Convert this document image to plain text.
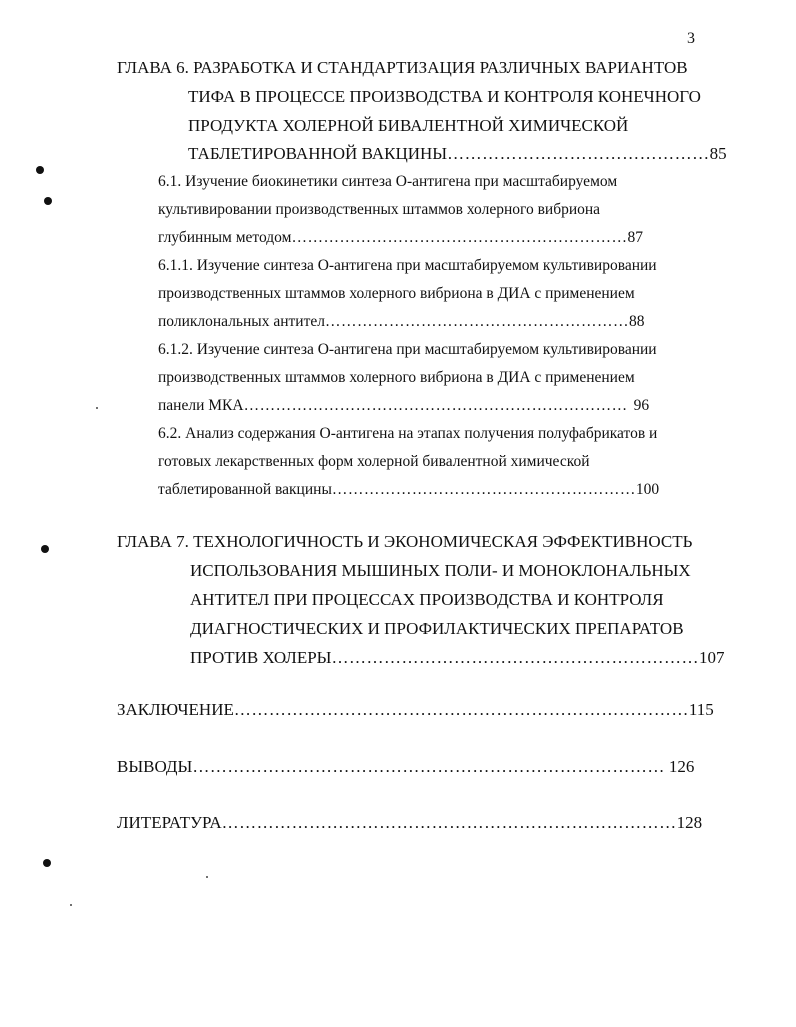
3
ГЛАВА 6. РАЗРАБОТКА И СТАНДАРТИЗАЦИЯ РАЗЛИЧНЫХ ВАРИАНТОВ
ТИФА В ПРОЦЕССЕ ПРОИЗВОДСТВА И КОНТРОЛЯ КОНЕЧНОГО
ПРОДУКТА ХОЛЕРНОЙ БИВАЛЕНТНОЙ ХИМИЧЕСКОЙ
ТАБЛЕТИРОВАННОЙ ВАКЦИНЫ………………………………………85
6.1. Изучение биокинетики синтеза О-антигена при масштабируемом
культивировании производственных штаммов холерного вибриона
глубинным методом………………………………………………………87
6.1.1. Изучение синтеза О-антигена при масштабируемом культивировании
производственных штаммов холерного вибриона в ДИА с применением
поликлональных антител…………………………………………………88
6.1.2. Изучение синтеза О-антигена при масштабируемом культивировании
производственных штаммов холерного вибриона в ДИА с применением
панели МКА……………………………………………………………… 96
6.2. Анализ содержания О-антигена на этапах получения полуфабрикатов и
готовых лекарственных форм холерной бивалентной химической
таблетированной вакцины…………………………………………………100
ГЛАВА 7. ТЕХНОЛОГИЧНОСТЬ И ЭКОНОМИЧЕСКАЯ ЭФФЕКТИВНОСТЬ
ИСПОЛЬЗОВАНИЯ МЫШИНЫХ ПОЛИ- И МОНОКЛОНАЛЬНЫХ
АНТИТЕЛ ПРИ ПРОЦЕССАХ ПРОИЗВОДСТВА И КОНТРОЛЯ
ДИАГНОСТИЧЕСКИХ И ПРОФИЛАКТИЧЕСКИХ ПРЕПАРАТОВ
ПРОТИВ ХОЛЕРЫ………………………………………………………107
ЗАКЛЮЧЕНИЕ……………………………………………………………………115
ВЫВОДЫ……………………………………………………………………… 126
ЛИТЕРАТУРА……………………………………………………………………128
